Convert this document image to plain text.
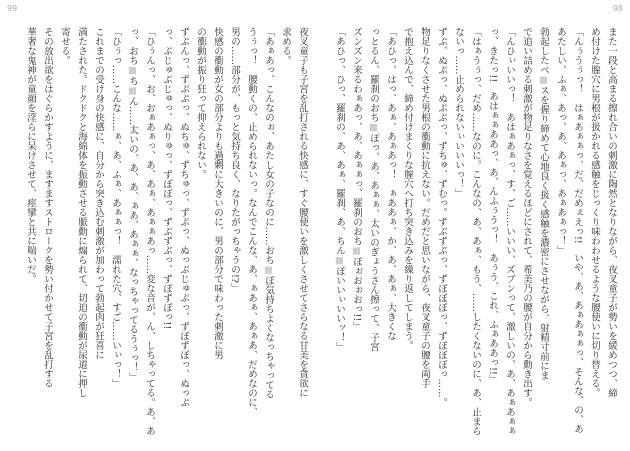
99	98
また一段と高まる擦れ合いの刺激に陶然となりながら、夜叉童子が勢いを緩めつつ、締
め付けた膣穴に男根が扱かれる感触をじっくり味わわせるような腰使いに切り替える。
「んぅうぅっ！　はぁあぁぁっ、だ、だめぇえっ!!　いや、あ、あぁあぁぁっ、そんな、の、あ
あたしい、ふぁ、あっ、あ、あぁっ、あぁあぁっ！」
勃起したペ■スを握り締めて心地良く扱く感触を濃密にさせながら、射精寸前にま
で追い詰める刺激が物足りなさを覚えるほどにされて、希美乃の腰が自分から動き出す。
「んひぃいいっ！　あはぁあぁっ、す、ご……いいい、ズブンって、激しいの、あ、あぁあぁぁ
っ、きたっ!!　あはぁぁああっ、あ、んふぅうっ！　あぅう、これ、ふぁああっ!!」
「はぁうぅっ、だめ……なのに。こんなの、あ、あぁ、もう、……したくないのに、あ、止まら
ないっ……止められないぃいいいっ！」
ずぷ、ぬぷっ、ぬぷぷっ、ずちゅ、ずむっ。ずぶずぶっ、ずぼぼぼっ、ずぼぼぼっ……。
物足りなくさせた男根の衝動に抗えない。だめだと思いながら、夜叉童子の腰を両手
で抱え込んで、締め付けまくりな膣穴へ打ち突き込みを繰り返してしまう。
「あひっ、はっ、あぁ、あぁあっ！　ぁああぁ、か、あ、あぁ、大きくな
っとるん、羅刹のおち■ぽっ、あ、あぁぁ、太いのぎょうさん擦って、子宮
ズンズン来るわぁあっ、あ、あぁぁっ、羅刹のおち■ぽぉおぉおっ!!」
「あひっ、ひっ、羅刹の、あ、あぁ、羅刹、あ、ちん■ぽいいぃいいッ！」
夜叉童子も子宮を乱打される快感に、すぐ腰使いを激しくさせてさらなる甘美を貪欲に
求める。
「あぁあっ、こんなのぉ、あたし女の子なのに……おち■ぽ気持ちよくなっちゃってる
うぅっ！　腰動くの、止められないっ。なんでこんな、あ、ぁあぁ、あぁあ、だめなのに、
男の……部分が、もっと気持ち良く、なりたがっちゃうの!?」
快感の衝動が女の部分よりも過剰に大きいのに、男の部分で味わった刺激に男
の衝動が振り狂って抑えられない。
ずぷんっ、ずぷぷっ、ぬちゅ、ずちゅっ、ずぷっ、ぬっぷじゅぷっ、ずぼずぼっ、ぬっぷ
っ、ぶじゅぶじゅっ、ぬりゅっ、ずぼぼっ、ずぶずぶっ、ずぼずぼっ!!
「ひぅんっ、お、おぁあぁっ、あ、あぁ、あぁぁあっ……変な音が、ん、しちゃってる。あ、あ
っ、おち■ち■ん……太いの、あ、あ、ぁあ、あぁぁ、なっちゃってるうぅっ！」
「ひぅっ……こんな……ぁ、あ、ふぁ、あぁぁっ！　濡れた穴、すご……いぃっ！」
これまでの受け身の快感に、自分から突き込む刺激が加わって勃起肉が狂喜に
満たされた。ドクドクと海綿体を振動させる脈動に煽られて、切迫の衝動が尿道に押し
寄せる。
その放出欲をはぐらかすように、ますますストロークを勢い付かせて子宮を乱打する
華奢な鬼神が童顔を淫らに呆けさせて、痙攣と共に喘いだ。
